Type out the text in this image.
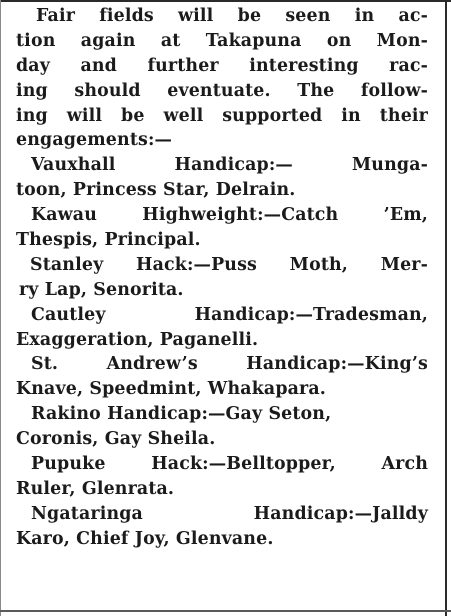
Fair fields will be seen in ac-
tion again at Takapuna on Mon-
day and further interesting rac-
ing should eventuate. The follow-
ing will be well supported in their
engagements:—
Vauxhall Handicap:— Munga-
toon, Princess Star, Delrain.
Kawau Highweight:—Catch ’Em,
Thespis, Principal.
Stanley Hack:—Puss Moth, Mer-
ry Lap, Senorita.
Cautley Handicap:—Tradesman,
Exaggeration, Paganelli.
St. Andrew’s Handicap:—King’s
Knave, Speedmint, Whakapara.
Rakino Handicap:—Gay Seton,
Coronis, Gay Sheila.
Pupuke Hack:—Belltopper, Arch
Ruler, Glenrata.
Ngataringa Handicap:—Jalldy
Karo, Chief Joy, Glenvane.
